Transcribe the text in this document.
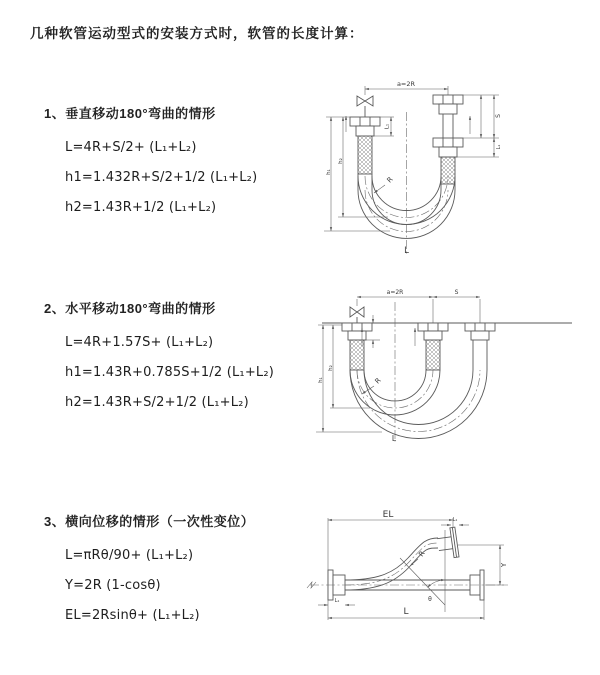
几种软管运动型式的安装方式时，软管的长度计算：
1、垂直移动180°弯曲的情形
L=4R+S/2+ (L₁+L₂)
h1=1.432R+S/2+1/2 (L₁+L₂)
h2=1.43R+1/2 (L₁+L₂)
2、水平移动180°弯曲的情形
L=4R+1.57S+ (L₁+L₂)
h1=1.43R+0.785S+1/2 (L₁+L₂)
h2=1.43R+S/2+1/2 (L₁+L₂)
3、横向位移的情形（一次性变位）
L=πRθ/90+ (L₁+L₂)
Y=2R (1-cosθ)
EL=2Rsinθ+ (L₁+L₂)
a=2R
L₁
S
L₁
h₂
h₁
R
L
a=2R	S
h₂
h₁	R
L
EL	L₁
Y
R
θ
L
L₁
